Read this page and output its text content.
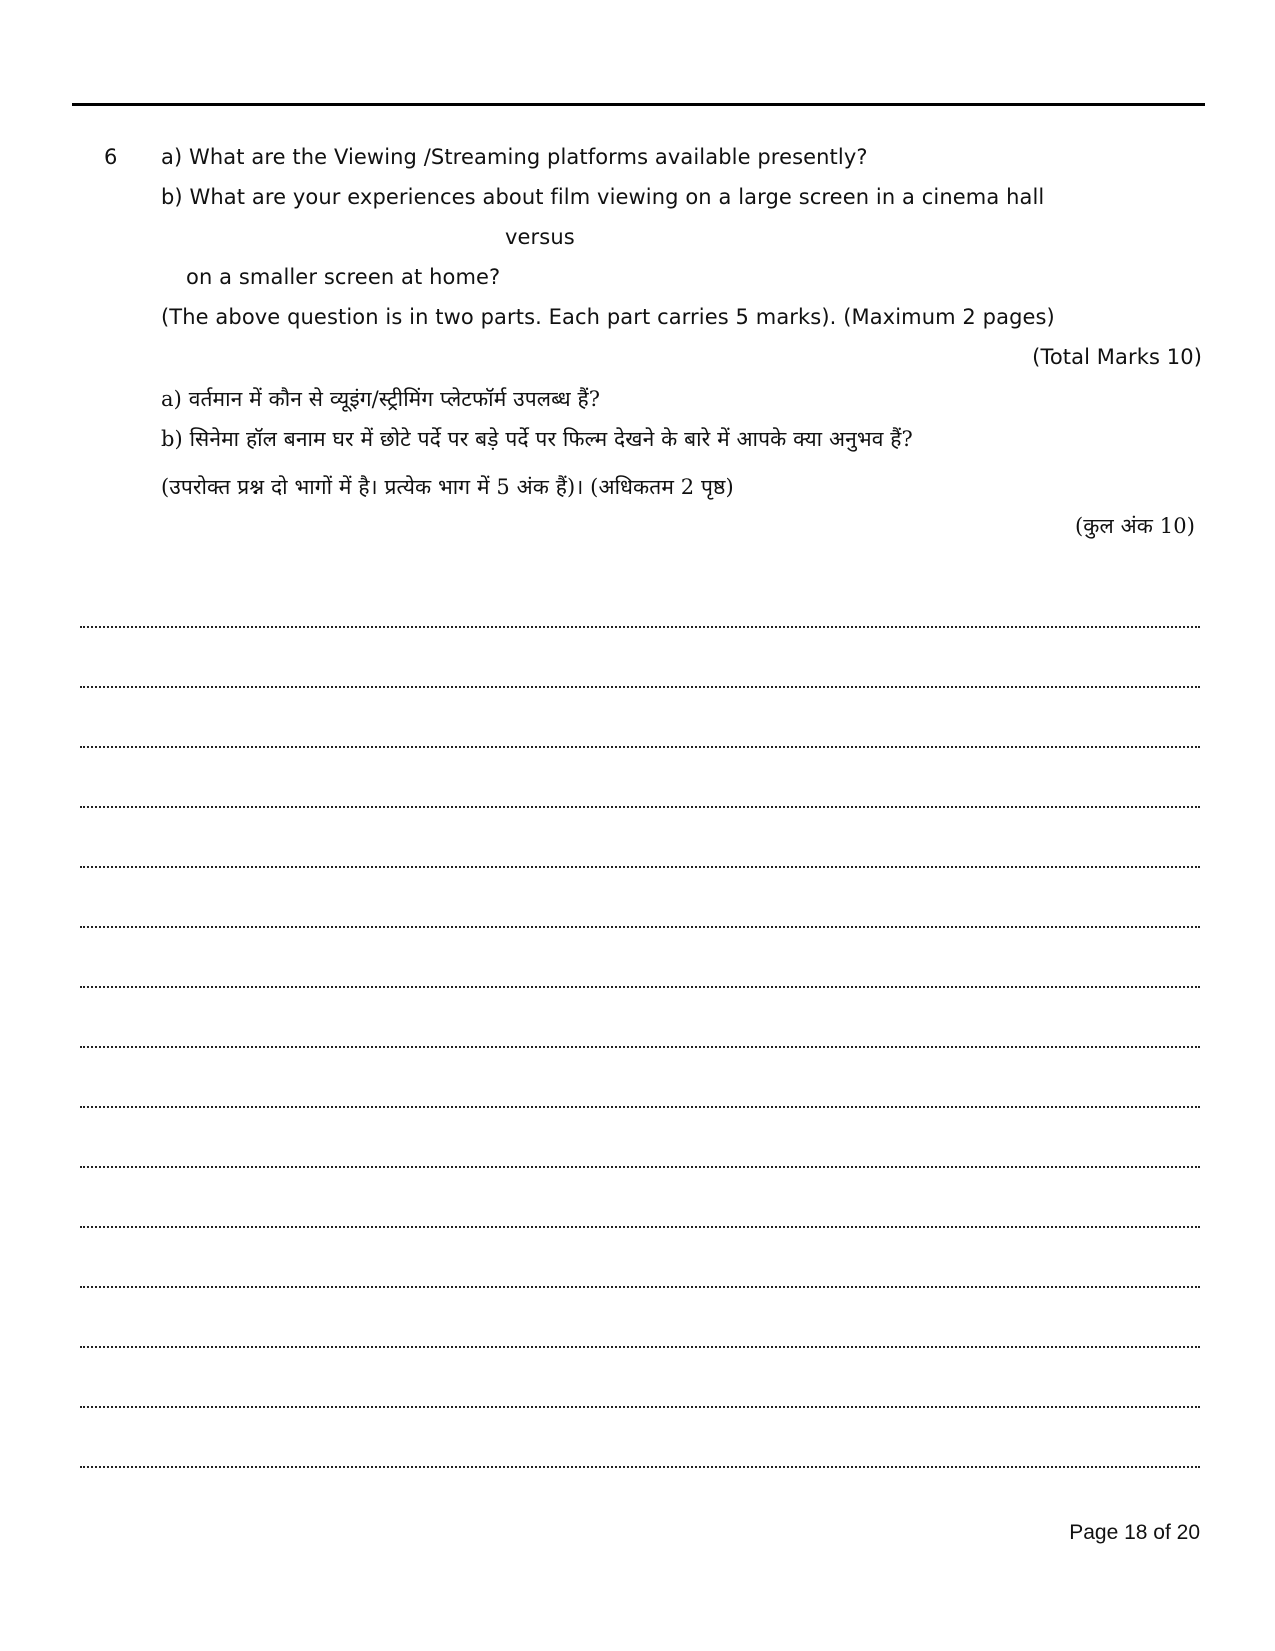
6 a) What are the Viewing /Streaming platforms available presently?
b) What are your experiences about film viewing on a large screen in a cinema hall
versus
on a smaller screen at home?
(The above question is in two parts. Each part carries 5 marks). (Maximum 2 pages)
(Total Marks 10)
a) वर्तमान में कौन से व्यूइंग/स्ट्रीमिंग प्लेटफॉर्म उपलब्ध हैं?
b) सिनेमा हॉल बनाम घर में छोटे पर्दे पर बड़े पर्दे पर फिल्म देखने के बारे में आपके क्या अनुभव हैं?
(उपरोक्त प्रश्न दो भागों में है। प्रत्येक भाग में 5 अंक हैं)। (अधिकतम 2 पृष्ठ)
(कुल अंक 10)
Page 18 of 20
